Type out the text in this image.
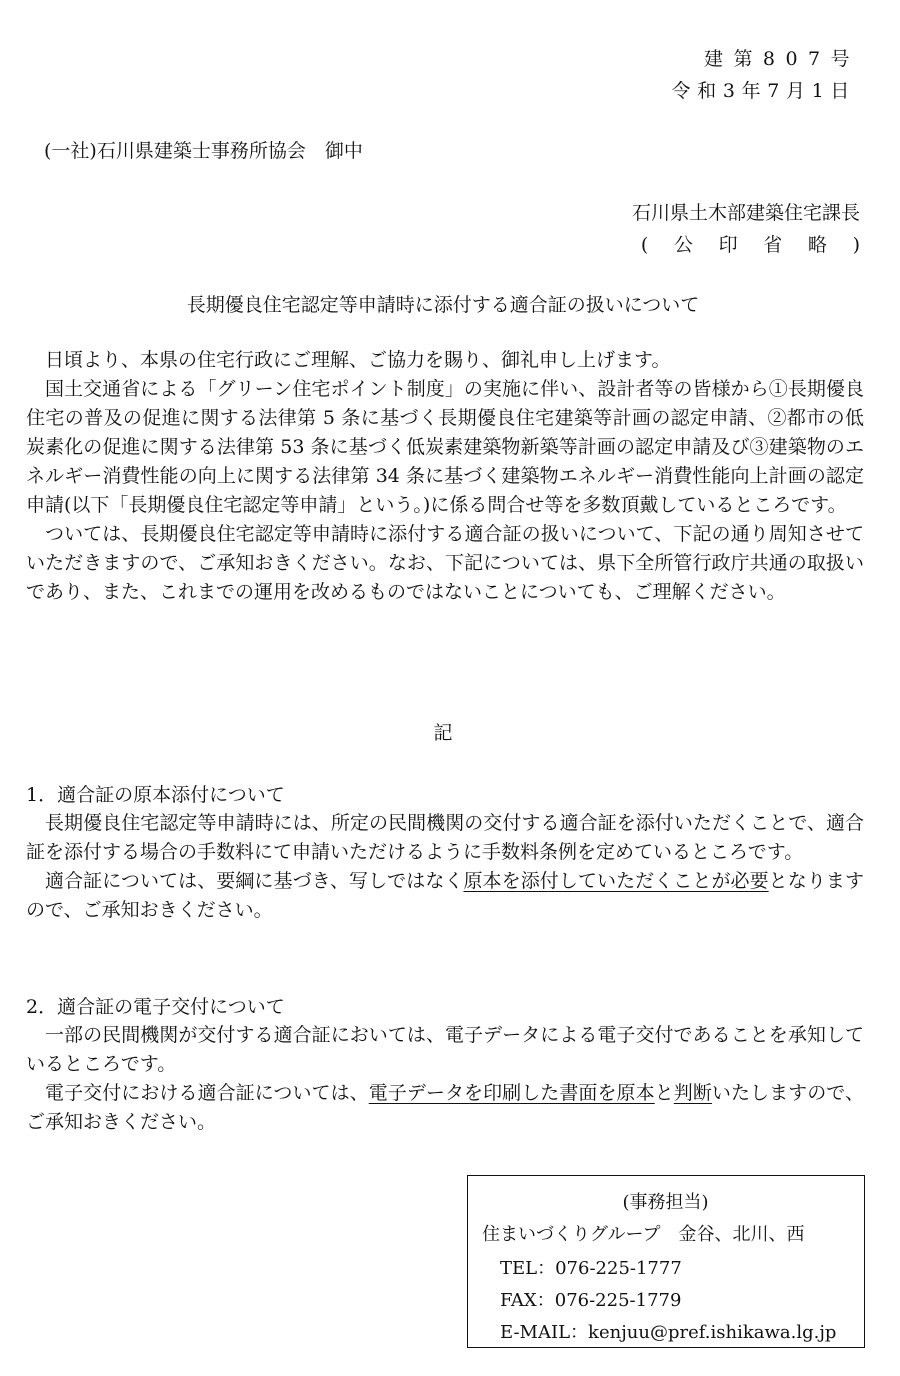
建第807号
令和3年7月1日
(一社)石川県建築士事務所協会　御中
石川県土木部建築住宅課長
(公印省略)
長期優良住宅認定等申請時に添付する適合証の扱いについて

日頃より、本県の住宅行政にご理解、ご協力を賜り、御礼申し上げます。

国土交通省による「グリーン住宅ポイント制度」の実施に伴い、設計者等の皆様から①長期優良住宅の普及の促進に関する法律第 5 条に基づく長期優良住宅建築等計画の認定申請、②都市の低炭素化の促進に関する法律第 53 条に基づく低炭素建築物新築等計画の認定申請及び③建築物のエネルギー消費性能の向上に関する法律第 34 条に基づく建築物エネルギー消費性能向上計画の認定申請(以下「長期優良住宅認定等申請」という。)に係る問合せ等を多数頂戴しているところです。

ついては、長期優良住宅認定等申請時に添付する適合証の扱いについて、下記の通り周知させていただきますので、ご承知おきください。なお、下記については、県下全所管行政庁共通の取扱いであり、また、これまでの運用を改めるものではないことについても、ご理解ください。

記
1．適合証の原本添付について

長期優良住宅認定等申請時には、所定の民間機関の交付する適合証を添付いただくことで、適合証を添付する場合の手数料にて申請いただけるように手数料条例を定めているところです。

適合証については、要綱に基づき、写しではなく原本を添付していただくことが必要となりますので、ご承知おきください。

2．適合証の電子交付について

一部の民間機関が交付する適合証においては、電子データによる電子交付であることを承知しているところです。

電子交付における適合証については、電子データを印刷した書面を原本と判断いたしますので、ご承知おきください。

(事務担当)
住まいづくりグループ　金谷、北川、西
TEL：076-225-1777
FAX：076-225-1779
E-MAIL：kenjuu@pref.ishikawa.lg.jp
